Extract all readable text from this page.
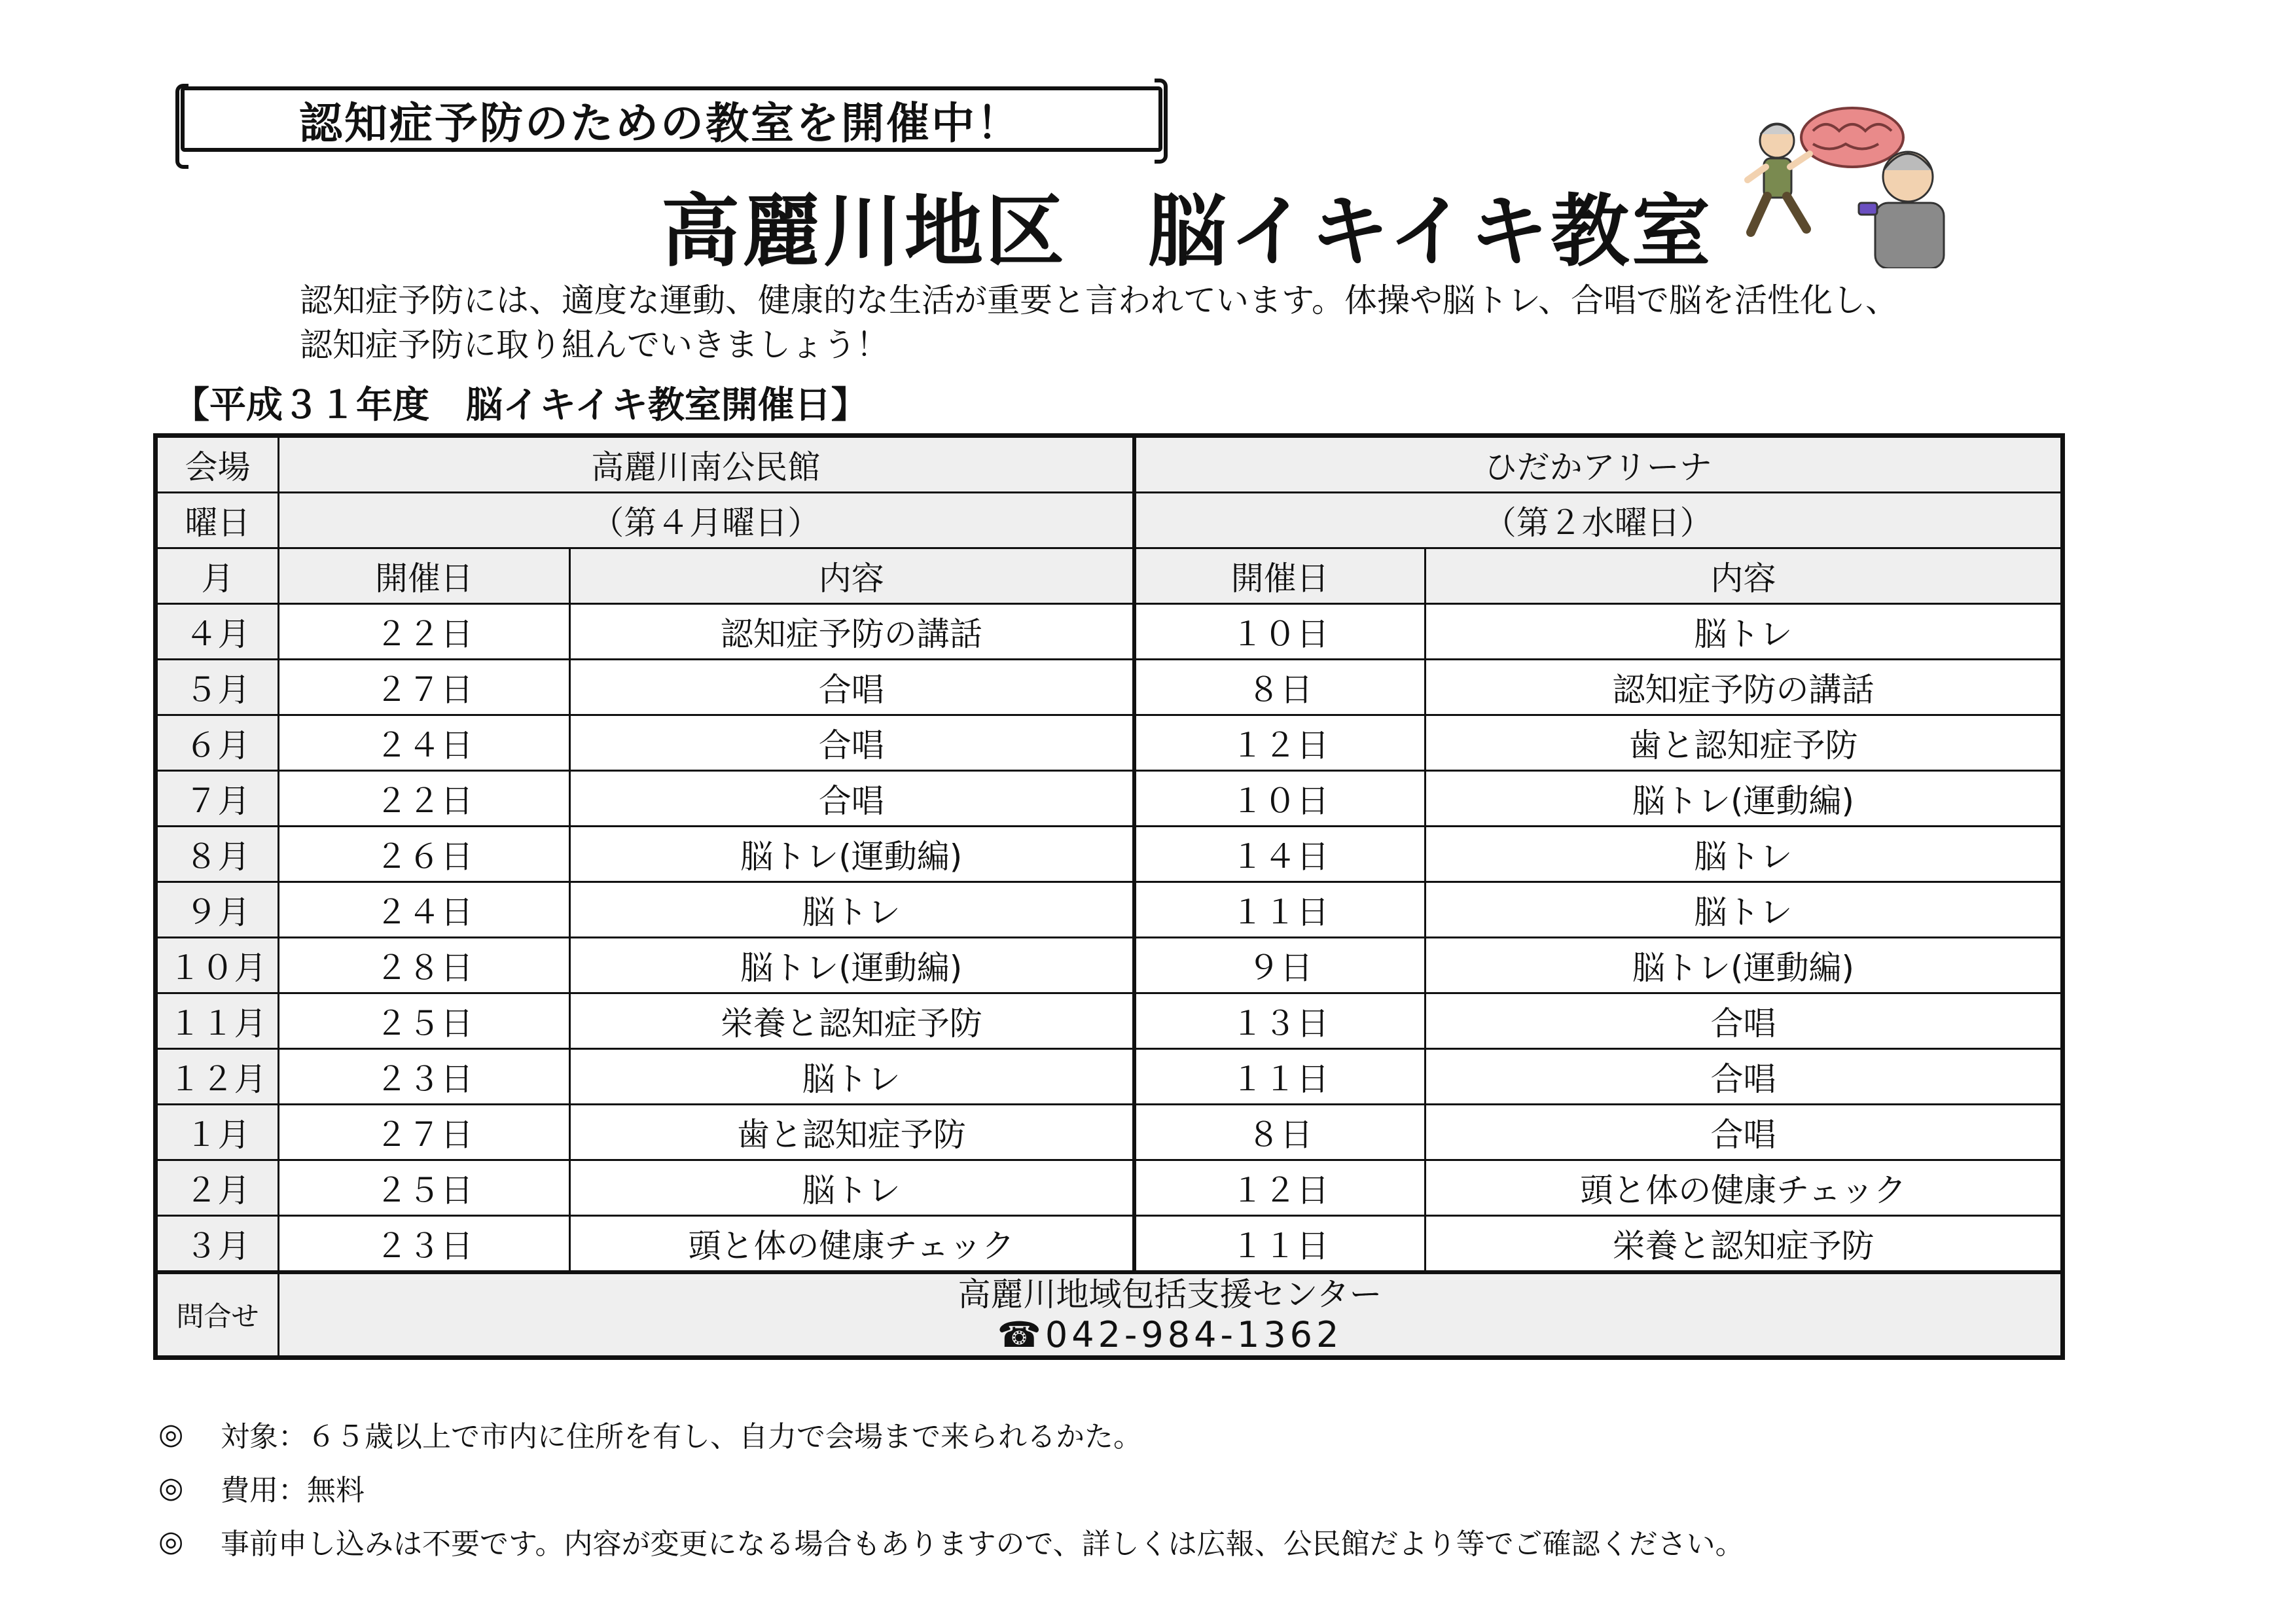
認知症予防のための教室を開催中！
高麗川地区　脳イキイキ教室
認知症予防には、適度な運動、健康的な生活が重要と言われています。体操や脳トレ、合唱で脳を活性化し、
認知症予防に取り組んでいきましょう！
【平成３１年度　脳イキイキ教室開催日】
会場	高麗川南公民館		ひだかアリーナ	
曜日	（第４月曜日）		（第２水曜日）	
月	開催日	内容	開催日	内容
４月	２２日	認知症予防の講話	１０日	脳トレ
５月	２７日	合唱	８日	認知症予防の講話
６月	２４日	合唱	１２日	歯と認知症予防
７月	２２日	合唱	１０日	脳トレ(運動編)
８月	２６日	脳トレ(運動編)	１４日	脳トレ
９月	２４日	脳トレ	１１日	脳トレ
１０月	２８日	脳トレ(運動編)	９日	脳トレ(運動編)
１１月	２５日	栄養と認知症予防	１３日	合唱
１２月	２３日	脳トレ	１１日	合唱
１月	２７日	歯と認知症予防	８日	合唱
２月	２５日	脳トレ	１２日	頭と体の健康チェック
３月	２３日	頭と体の健康チェック	１１日	栄養と認知症予防
問合せ	高麗川地域包括支援センター
☎042-984-1362			
◎	対象：６５歳以上で市内に住所を有し、自力で会場まで来られるかた。
◎	費用：無料
◎	事前申し込みは不要です。内容が変更になる場合もありますので、詳しくは広報、公民館だより等でご確認ください。
